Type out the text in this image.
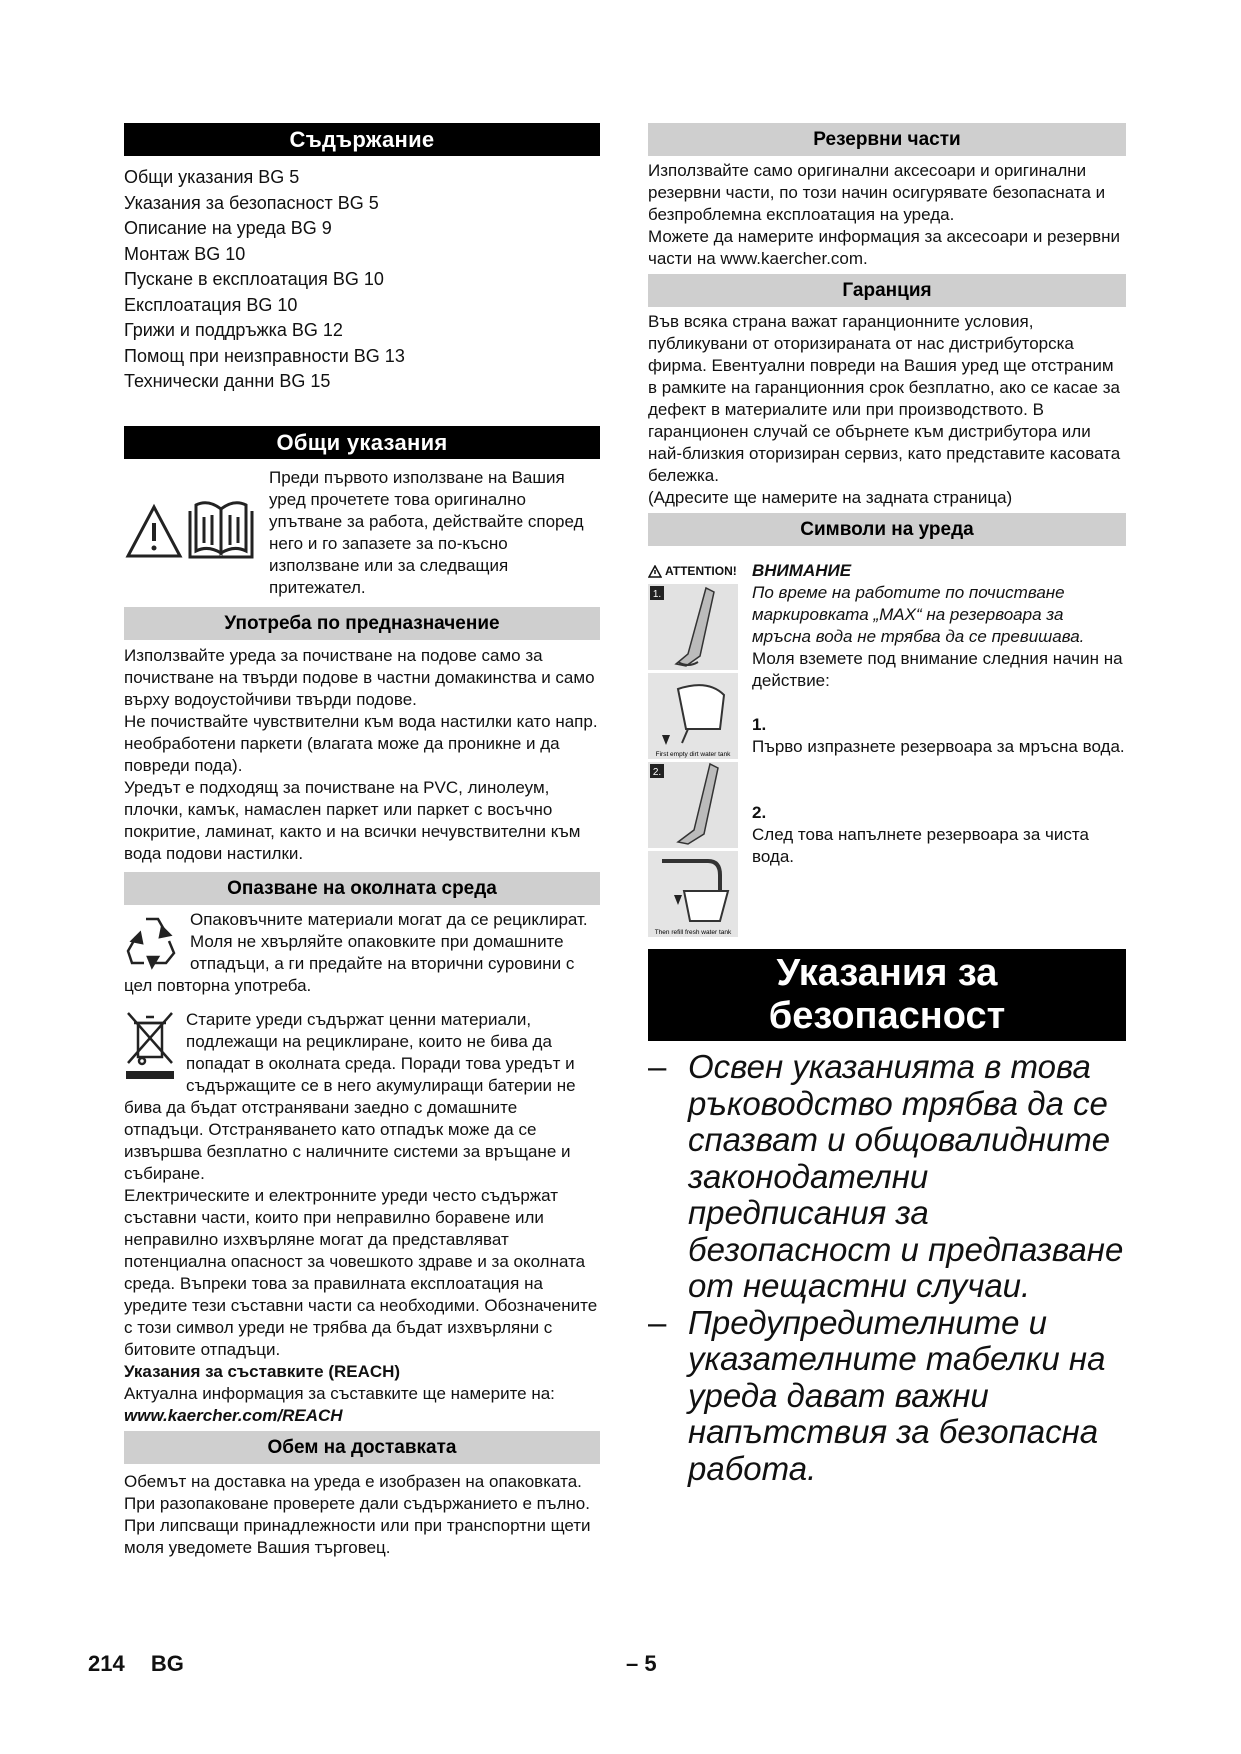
Съдържание
Общи указания BG 5
Указания за безопасност BG 5
Описание на уреда BG 9
Монтаж BG 10
Пускане в експлоатация BG 10
Експлоатация BG 10
Грижи и поддръжка BG 12
Помощ при неизправности BG 13
Технически данни BG 15
Общи указания

Преди първото използване на Вашия уред прочетете това оригинално упътване за работа, действайте според него и го запазете за по-късно използване или за следващия притежател.

Употреба по предназначение

Използвайте уреда за почистване на подове само за почистване на твърди подове в частни домакинства и само върху водоустойчиви твърди подове.

Не почиствайте чувствителни към вода настилки като напр. необработени паркети (влагата може да проникне и да повреди пода).

Уредът е подходящ за почистване на PVC, линолеум, плочки, камък, намаслен паркет или паркет с восъчно покритие, ламинат, както и на всички нечувствителни към вода подови настилки.

Опазване на околната среда

Опаковъчните материали могат да се рециклират. Моля не хвърляйте опаковките при домашните отпадъци, а ги предайте на вторични суровини с цел повторна употреба.

Старите уреди съдържат ценни материали, подлежащи на рециклиране, които не бива да попадат в околната среда. Поради това уредът и съдържащите се в него акумулиращи батерии не бива да бъдат отстранявани заедно с домашните отпадъци. Отстраняването като отпадък може да се извършва безплатно с наличните системи за връщане и събиране.

Електрическите и електронните уреди често съдържат съставни части, които при неправилно боравене или неправилно изхвърляне могат да представляват потенциална опасност за човешкото здраве и за околната среда. Въпреки това за правилната експлоатация на уредите тези съставни части са необходими. Обозначените с този символ уреди не трябва да бъдат изхвърляни с битовите отпадъци.

Указания за съставките (REACH)

Актуална информация за съставките ще намерите на:

www.kaercher.com/REACH

Обем на доставката

Обемът на доставка на уреда е изобразен на опаковката. При разопаковане проверете дали съдържанието е пълно.

При липсващи принадлежности или при транспортни щети моля уведомете Вашия търговец.

Резервни части

Използвайте само оригинални аксесоари и оригинални резервни части, по този начин осигурявате безопасната и безпроблемна експлоатация на уреда.

Можете да намерите информация за аксесоари и резервни части на www.kaercher.com.

Гаранция

Във всяка страна важат гаранционните условия, публикувани от оторизираната от нас дистрибуторска фирма. Евентуални повреди на Вашия уред ще отстраним в рамките на гаранционния срок безплатно, ако се касае за дефект в материалите или при производството. В гаранционен случай се обърнете към дистрибутора или най-близкия оторизиран сервиз, като представите касовата бележка.

(Адресите ще намерите на задната страница)

Символи на уреда
ATTENTION!
1.
First empty dirt water tank
2.
Then refill fresh water tank

ВНИМАНИЕ

По време на работите по почистване маркировката „MAX“ на резервоара за мръсна вода не трябва да се превишава.

Моля вземете под внимание следния начин на действие:

1.

Първо изпразнете резервоара за мръсна вода.

2.

След това напълнете резервоара за чиста вода.

Указания за
безопасност
– Освен указанията в това ръководство трябва да се спазват и общовалидните законодателни предписания за безопасност и предпазване от нещастни случаи.
– Предупредителните и указателните табелки на уреда дават важни напътствия за безопасна работа.
214 BG	– 5
